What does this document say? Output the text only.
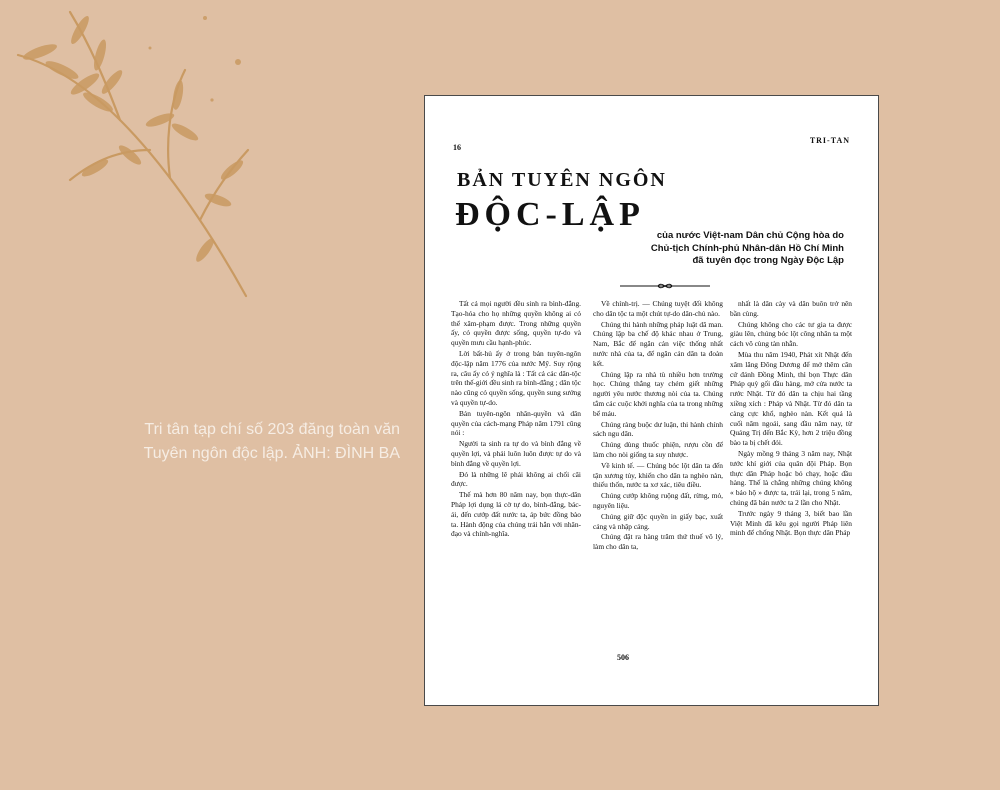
Tri tân tạp chí số 203 đăng toàn văn
Tuyên ngôn độc lập. ẢNH: ĐÌNH BA
16
TRI-TAN
BẢN TUYÊN NGÔN
ĐỘC-LẬP
của nước Việt-nam Dân chủ Cộng hòa do Chủ-tịch Chính-phủ Nhân-dân Hồ Chí Minh đã tuyên đọc trong Ngày Độc Lập

Tất cả mọi người đều sinh ra bình-đẳng. Tạo-hóa cho họ những quyền không ai có thể xâm-phạm được. Trong những quyền ấy, có quyền được sống, quyền tự-do và quyền mưu cầu hạnh-phúc.

Lời bất-hủ ấy ở trong bản tuyên-ngôn độc-lập năm 1776 của nước Mỹ. Suy rộng ra, câu ấy có ý nghĩa là : Tất cả các dân-tộc trên thế-giới đều sinh ra bình-đẳng ; dân tộc nào cũng có quyền sống, quyền sung sướng và quyền tự-do.

Bản tuyên-ngôn nhân-quyền và dân quyền của cách-mạng Pháp năm 1791 cũng nói :

Người ta sinh ra tự do và bình đẳng về quyền lợi, và phải luôn luôn được tự do và bình đẳng về quyền lợi.

Đó là những lẽ phải không ai chối cãi được.

Thế mà hơn 80 năm nay, bọn thực-dân Pháp lợi dụng lá cờ tự do, bình-đẳng, bác-ái, đến cướp đất nước ta, áp bức đồng bào ta. Hành động của chúng trái hẳn với nhân-đạo và chính-nghĩa.

Về chính-trị. — Chúng tuyệt đối không cho dân tộc ta một chút tự-do dân-chủ nào.

Chúng thi hành những pháp luật dã man. Chúng lập ba chế độ khác nhau ở Trung, Nam, Bắc để ngăn cản việc thống nhất nước nhà của ta, để ngăn cản dân ta đoàn kết.

Chúng lập ra nhà tù nhiều hơn trường học. Chúng thẳng tay chém giết những người yêu nước thương nòi của ta. Chúng tắm các cuộc khởi nghĩa của ta trong những bể máu.

Chúng ràng buộc dư luận, thi hành chính sách ngu dân.

Chúng dùng thuốc phiện, rượu cồn để làm cho nòi giống ta suy nhược.

Về kinh tế. — Chúng bóc lột dân ta đến tận xương tủy, khiến cho dân ta nghèo nàn, thiếu thốn, nước ta xơ xác, tiêu điều.

Chúng cướp không ruộng đất, rừng, mỏ, nguyên liệu.

Chúng giữ độc quyền in giấy bạc, xuất cảng và nhập cảng.

Chúng đặt ra hàng trăm thứ thuế vô lý, làm cho dân ta,

nhất là dân cày và dân buôn trở nên bần cùng.

Chúng không cho các tư gia ta được giàu lên, chúng bóc lột công nhân ta một cách vô cùng tàn nhẫn.

Mùa thu năm 1940, Phát xít Nhật đến xâm lăng Đông Dương để mở thêm căn cứ đánh Đồng Minh, thì bọn Thực dân Pháp quỳ gối đầu hàng, mở cửa nước ta rước Nhật. Từ đó dân ta chịu hai tầng xiềng xích : Pháp và Nhật. Từ đó dân ta càng cực khổ, nghèo nàn. Kết quả là cuối năm ngoái, sang đầu năm nay, từ Quảng Trị đến Bắc Kỳ, hơn 2 triệu đồng bào ta bị chết đói.

Ngày mồng 9 tháng 3 năm nay, Nhật tước khí giới của quân đội Pháp. Bọn thực dân Pháp hoặc bỏ chạy, hoặc đầu hàng. Thế là chẳng những chúng không « bảo hộ » được ta, trái lại, trong 5 năm, chúng đã bán nước ta 2 lần cho Nhật.

Trước ngày 9 tháng 3, biết bao lần Việt Minh đã kêu gọi người Pháp liên minh để chống Nhật. Bọn thực dân Pháp

506
